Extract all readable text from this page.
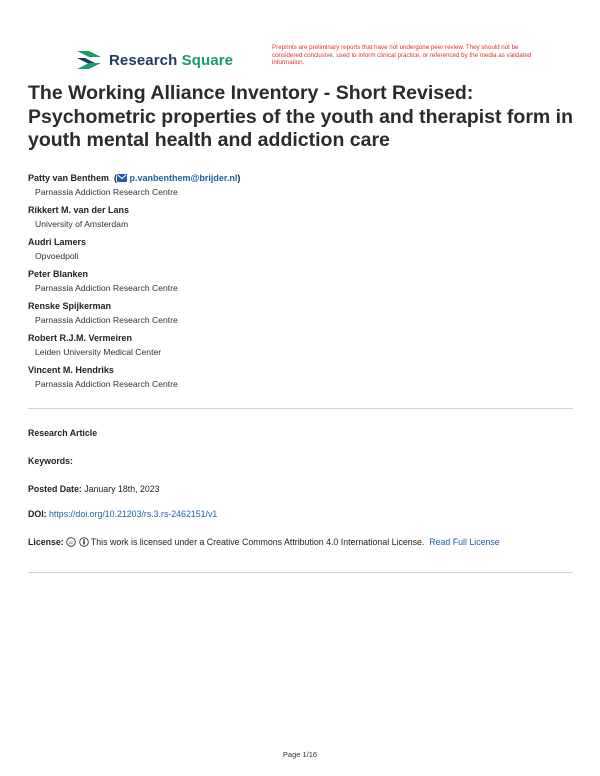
Research Square
Preprints are preliminary reports that have not undergone peer review. They should not be considered conclusive, used to inform clinical practice, or referenced by the media as validated information.
The Working Alliance Inventory - Short Revised: Psychometric properties of the youth and therapist form in youth mental health and addiction care
Patty van Benthem  ( p.vanbenthem@brijder.nl)
Parnassia Addiction Research Centre
Rikkert M. van der Lans
University of Amsterdam
Audri Lamers
Opvoedpoli
Peter Blanken
Parnassia Addiction Research Centre
Renske Spijkerman
Parnassia Addiction Research Centre
Robert R.J.M. Vermeiren
Leiden University Medical Center
Vincent M. Hendriks
Parnassia Addiction Research Centre
Research Article
Keywords:
Posted Date: January 18th, 2023
DOI: https://doi.org/10.21203/rs.3.rs-2462151/v1
License: cc This work is licensed under a Creative Commons Attribution 4.0 International License. Read Full License
Page 1/16
